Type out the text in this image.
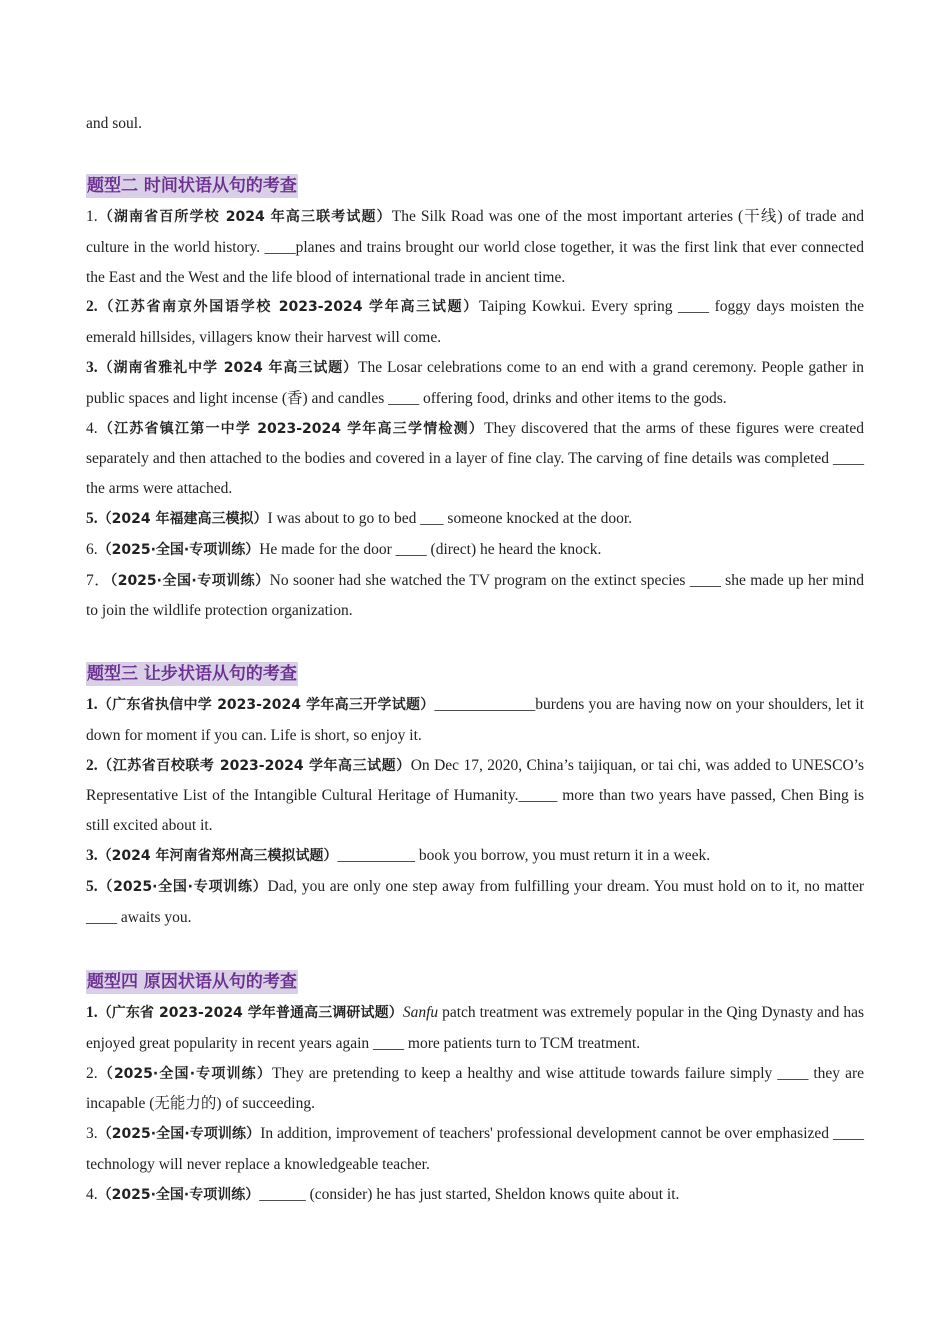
and soul.

题型二 时间状语从句的考查

1.（湖南省百所学校 2024 年高三联考试题）The Silk Road was one of the most important arteries (干线) of trade and culture in the world history. ____planes and trains brought our world close together, it was the first link that ever connected the East and the West and the life blood of international trade in ancient time.

2.（江苏省南京外国语学校 2023-2024 学年高三试题）Taiping Kowkui. Every spring ____ foggy days moisten the emerald hillsides, villagers know their harvest will come.

3.（湖南省雅礼中学 2024 年高三试题）The Losar celebrations come to an end with a grand ceremony. People gather in public spaces and light incense (香) and candles ____ offering food, drinks and other items to the gods.

4.（江苏省镇江第一中学 2023-2024 学年高三学情检测）They discovered that the arms of these figures were created separately and then attached to the bodies and covered in a layer of fine clay. The carving of fine details was completed ____ the arms were attached.

5.（2024 年福建高三模拟）I was about to go to bed ___ someone knocked at the door.

6.（2025·全国·专项训练）He made for the door ____ (direct) he heard the knock.

7．（2025·全国·专项训练）No sooner had she watched the TV program on the extinct species ____ she made up her mind to join the wildlife protection organization.

题型三 让步状语从句的考查

1.（广东省执信中学 2023-2024 学年高三开学试题）_____________burdens you are having now on your shoulders, let it down for moment if you can. Life is short, so enjoy it.

2.（江苏省百校联考 2023-2024 学年高三试题）On Dec 17, 2020, China’s taijiquan, or tai chi, was added to UNESCO’s Representative List of the Intangible Cultural Heritage of Humanity._____ more than two years have passed, Chen Bing is still excited about it.

3.（2024 年河南省郑州高三模拟试题）__________ book you borrow, you must return it in a week.

5.（2025·全国·专项训练）Dad, you are only one step away from fulfilling your dream. You must hold on to it, no matter ____ awaits you.

题型四 原因状语从句的考查

1.（广东省 2023-2024 学年普通高三调研试题）Sanfu patch treatment was extremely popular in the Qing Dynasty and has enjoyed great popularity in recent years again ____ more patients turn to TCM treatment.

2.（2025·全国·专项训练）They are pretending to keep a healthy and wise attitude towards failure simply ____ they are incapable (无能力的) of succeeding.

3.（2025·全国·专项训练）In addition, improvement of teachers' professional development cannot be over emphasized ____ technology will never replace a knowledgeable teacher.

4.（2025·全国·专项训练）______ (consider) he has just started, Sheldon knows quite about it.
